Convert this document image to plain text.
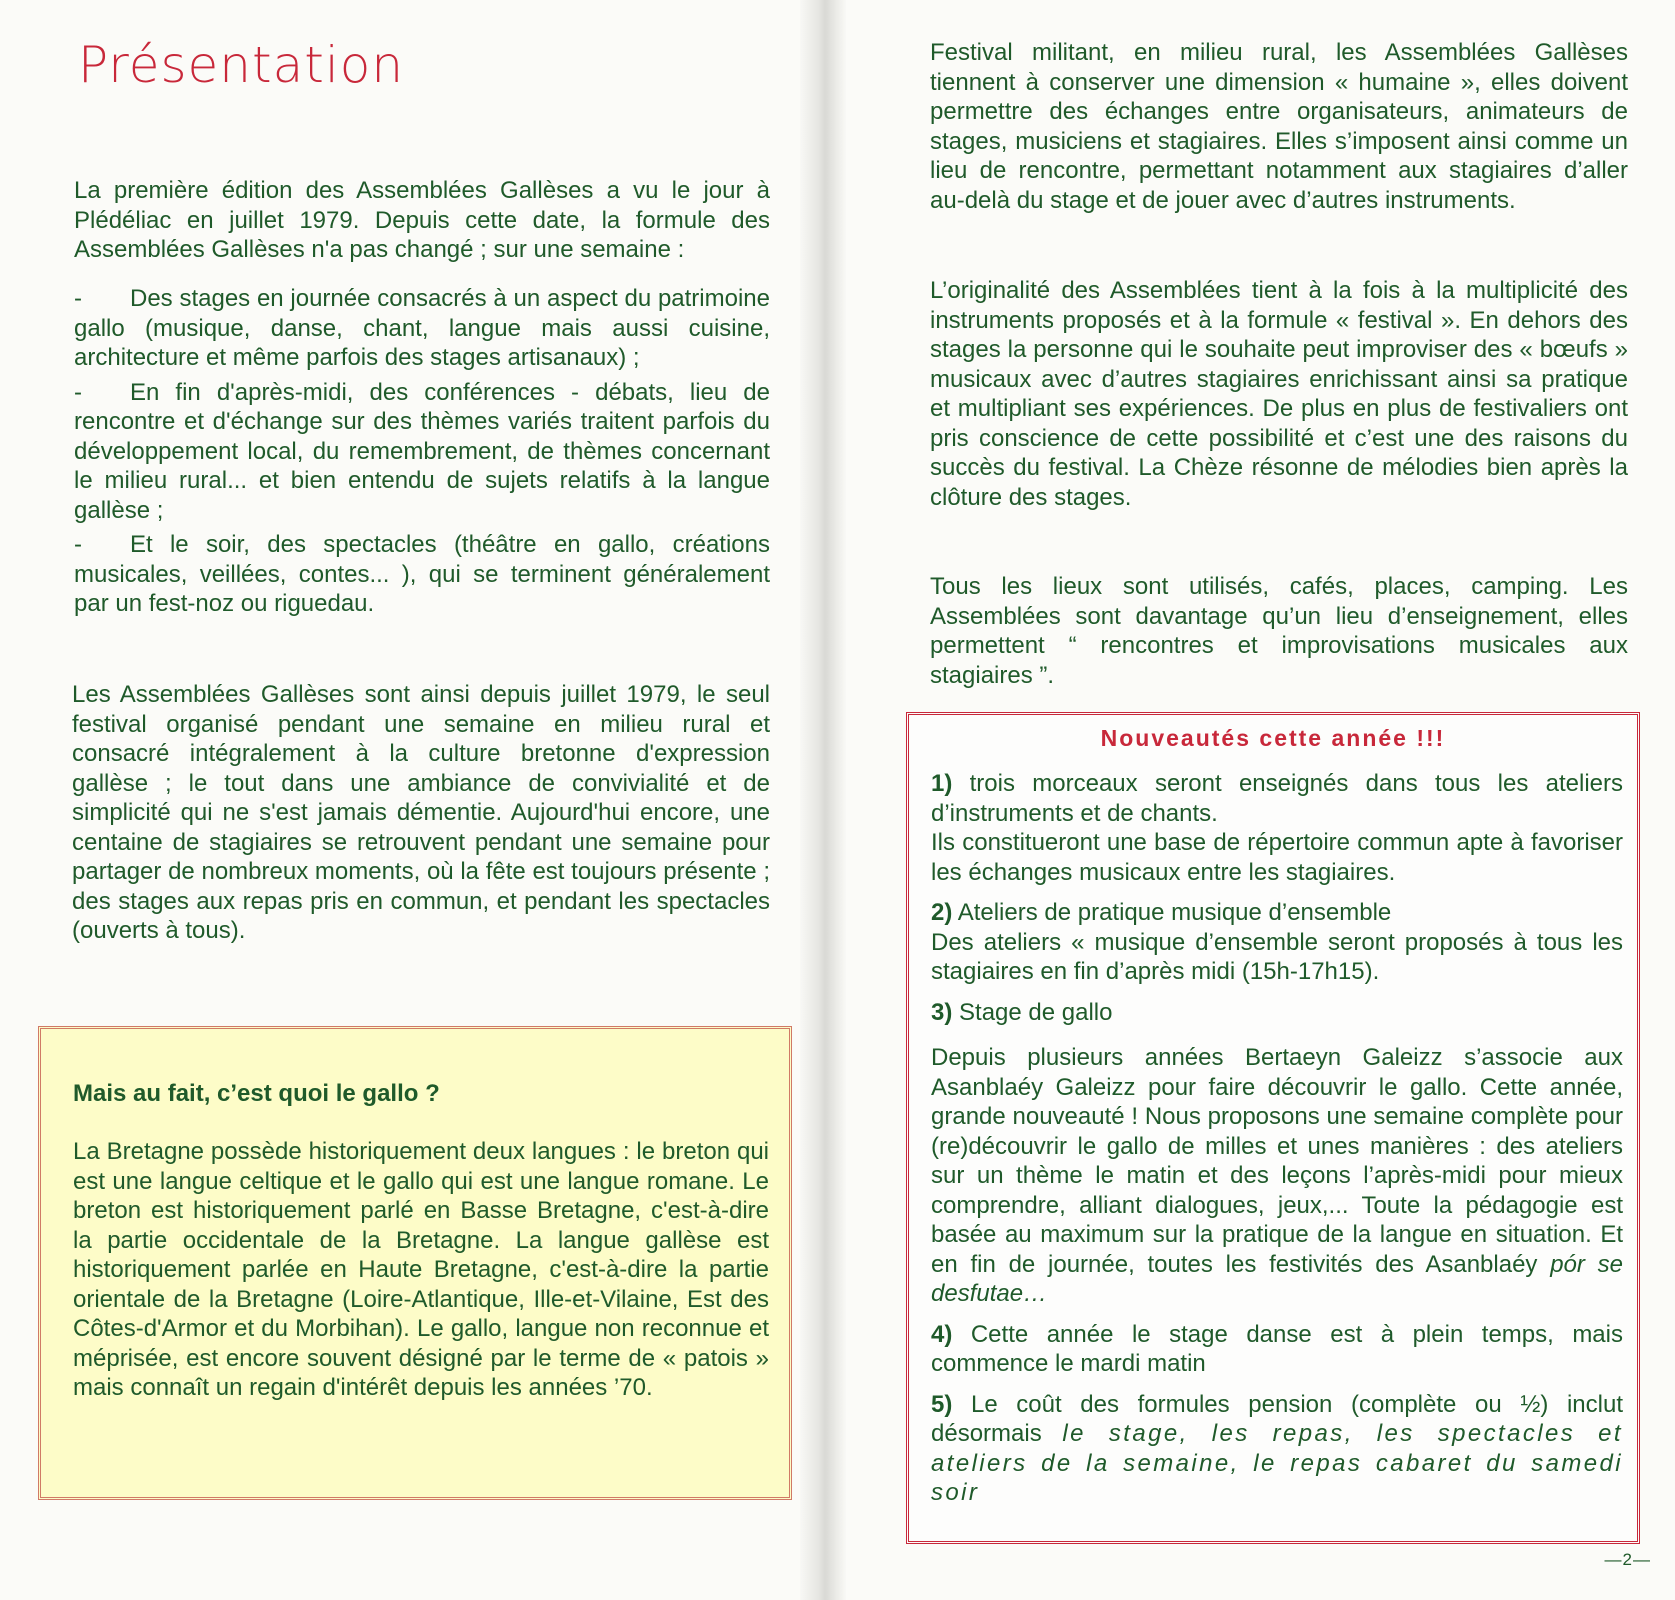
Présentation

La première édition des Assemblées Gallèses a vu le jour à Plédéliac en juillet 1979. Depuis cette date, la formule des Assemblées Gallèses n'a pas changé ; sur une semaine :

- Des stages en journée consacrés à un aspect du patrimoine gallo (musique, danse, chant, langue mais aussi cuisine, architecture et même parfois des stages artisanaux) ;

- En fin d'après-midi, des conférences - débats, lieu de rencontre et d'échange sur des thèmes variés traitent parfois du développement local, du remembrement, de thèmes concernant le milieu rural... et bien entendu de sujets relatifs à la langue gallèse ;

- Et le soir, des spectacles (théâtre en gallo, créations musicales, veillées, contes... ), qui se terminent généralement par un fest-noz ou riguedau.

Les Assemblées Gallèses sont ainsi depuis juillet 1979, le seul festival organisé pendant une semaine en milieu rural et consacré intégralement à la culture bretonne d'expression gallèse ; le tout dans une ambiance de convivialité et de simplicité qui ne s'est jamais démentie. Aujourd'hui encore, une centaine de stagiaires se retrouvent pendant une semaine pour partager de nombreux moments, où la fête est toujours présente ; des stages aux repas pris en commun, et pendant les spectacles (ouverts à tous).

Mais au fait, c’est quoi le gallo ?

La Bretagne possède historiquement deux langues : le breton qui est une langue celtique et le gallo qui est une langue romane. Le breton est historiquement parlé en Basse Bretagne, c'est-à-dire la partie occidentale de la Bretagne. La langue gallèse est historiquement parlée en Haute Bretagne, c'est-à-dire la partie orientale de la Bretagne (Loire-Atlantique, Ille-et-Vilaine, Est des Côtes-d'Armor et du Morbihan). Le gallo, langue non reconnue et méprisée, est encore souvent désigné par le terme de « patois » mais connaît un regain d'intérêt depuis les années ’70.

Festival militant, en milieu rural, les Assemblées Gallèses tiennent à conserver une dimension « humaine », elles doivent permettre des échanges entre organisateurs, animateurs de stages, musiciens et stagiaires. Elles s’imposent ainsi comme un lieu de rencontre, permettant notamment aux stagiaires d’aller au-delà du stage et de jouer avec d’autres instruments.

L’originalité des Assemblées tient à la fois à la multiplicité des instruments proposés et à la formule « festival ». En dehors des stages la personne qui le souhaite peut improviser des « bœufs » musicaux avec d’autres stagiaires enrichissant ainsi sa pratique et multipliant ses expériences. De plus en plus de festivaliers ont pris conscience de cette possibilité et c’est une des raisons du succès du festival. La Chèze résonne de mélodies bien après la clôture des stages.

Tous les lieux sont utilisés, cafés, places, camping. Les Assemblées sont davantage qu’un lieu d’enseignement, elles permettent “ rencontres et improvisations musicales aux stagiaires ”.

Nouveautés cette année !!!

1) trois morceaux seront enseignés dans tous les ateliers d’instruments et de chants.

Ils constitueront une base de répertoire commun apte à favoriser les échanges musicaux entre les stagiaires.

2) Ateliers de pratique musique d’ensemble

Des ateliers « musique d’ensemble seront proposés à tous les stagiaires en fin d’après midi (15h-17h15).

3) Stage de gallo

Depuis plusieurs années Bertaeyn Galeizz s’associe aux Asanblaéy Galeizz pour faire découvrir le gallo. Cette année, grande nouveauté ! Nous proposons une semaine complète pour (re)découvrir le gallo de milles et unes manières : des ateliers sur un thème le matin et des leçons l’après-midi pour mieux comprendre, alliant dialogues, jeux,... Toute la pédagogie est basée au maximum sur la pratique de la langue en situation. Et en fin de journée, toutes les festivités des Asanblaéy pór se desfutae…

4) Cette année le stage danse est à plein temps, mais commence le mardi matin

5) Le coût des formules pension (complète ou ½) inclut désormais le stage, les repas, les spectacles et ateliers de la semaine, le repas cabaret du samedi soir

—2—
